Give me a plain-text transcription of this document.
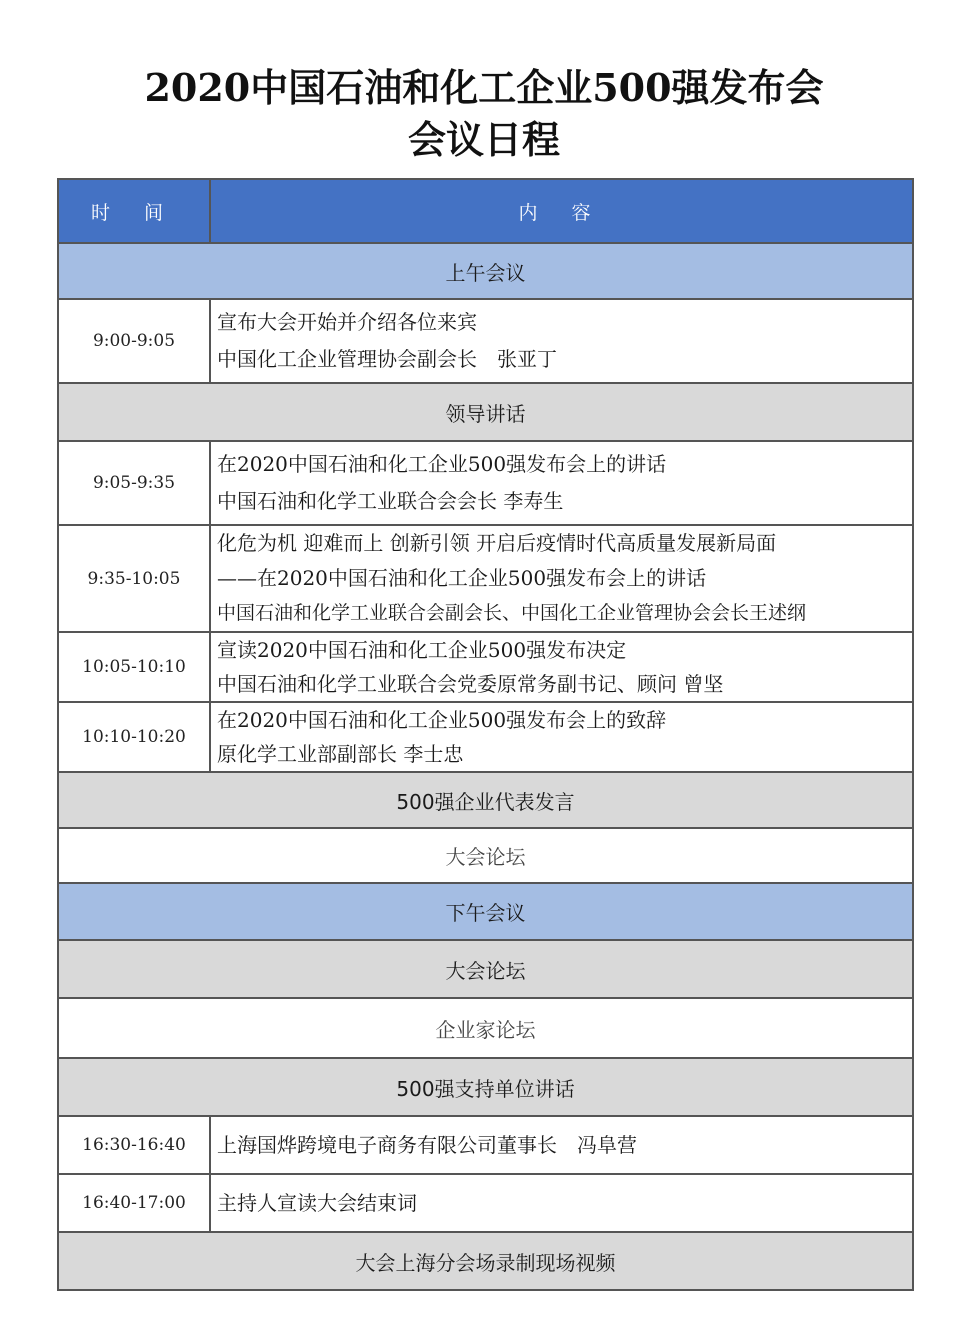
2020中国石油和化工企业500强发布会
会议日程
时 间	内 容
上午会议	
9:00-9:05	宣布大会开始并介绍各位来宾
中国化工企业管理协会副会长　张亚丁

领导讲话	
9:05-9:35	在2020中国石油和化工企业500强发布会上的讲话
中国石油和化学工业联合会会长 李寿生

9:35-10:05	化危为机 迎难而上 创新引领 开启后疫情时代高质量发展新局面
——在2020中国石油和化工企业500强发布会上的讲话
中国石油和化学工业联合会副会长、中国化工企业管理协会会长王述纲

10:05-10:10	宣读2020中国石油和化工企业500强发布决定
中国石油和化学工业联合会党委原常务副书记、顾问 曾坚

10:10-10:20	在2020中国石油和化工企业500强发布会上的致辞
原化学工业部副部长 李士忠

500强企业代表发言	
大会论坛	
下午会议	
大会论坛	
企业家论坛	
500强支持单位讲话	
16:30-16:40	上海国烨跨境电子商务有限公司董事长　冯阜营

16:40-17:00	主持人宣读大会结束词

大会上海分会场录制现场视频	
